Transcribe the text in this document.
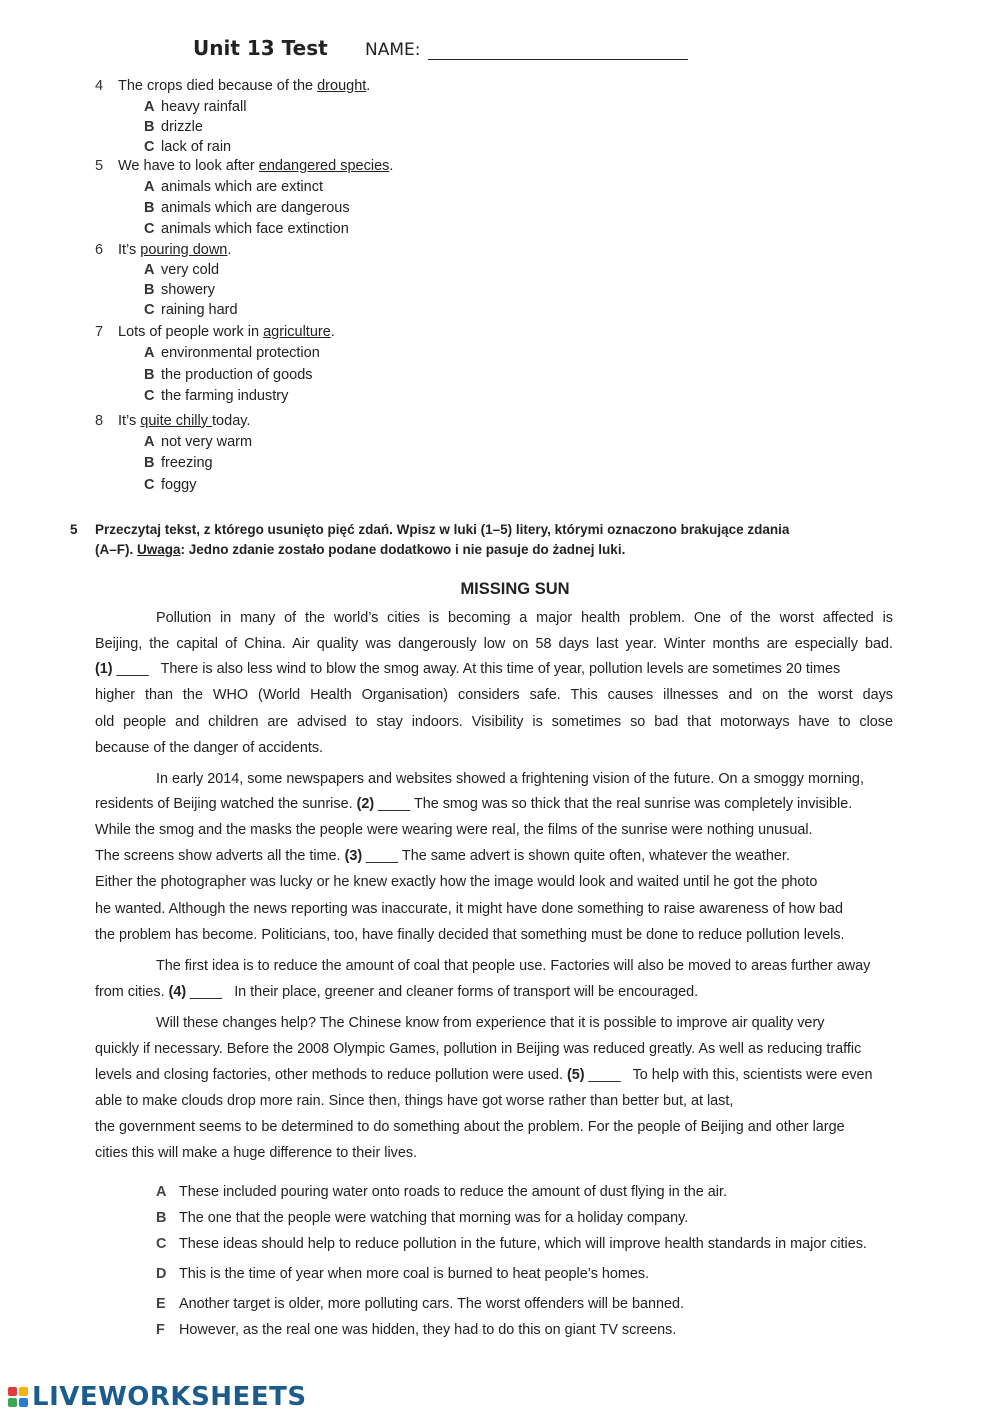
Unit 13 Test NAME:
4 The crops died because of the drought.
A heavy rainfall
B drizzle
C lack of rain
5 We have to look after endangered species.
A animals which are extinct
B animals which are dangerous
C animals which face extinction
6 It’s pouring down.
A very cold
B showery
C raining hard
7 Lots of people work in agriculture.
A environmental protection
B the production of goods
C the farming industry
8 It’s quite chilly today.
A not very warm
B freezing
C foggy
5 Przeczytaj tekst, z którego usunięto pięć zdań. Wpisz w luki (1–5) litery, którymi oznaczono brakujące zdania
(A–F). Uwaga: Jedno zdanie zostało podane dodatkowo i nie pasuje do żadnej luki.
MISSING SUN
Pollution in many of the world’s cities is becoming a major health problem. One of the worst affected is
Beijing, the capital of China. Air quality was dangerously low on 58 days last year. Winter months are especially bad.
(1) ____ There is also less wind to blow the smog away. At this time of year, pollution levels are sometimes 20 times
higher than the WHO (World Health Organisation) considers safe. This causes illnesses and on the worst days
old people and children are advised to stay indoors. Visibility is sometimes so bad that motorways have to close
because of the danger of accidents.
In early 2014, some newspapers and websites showed a frightening vision of the future. On a smoggy morning,
residents of Beijing watched the sunrise. (2) ____ The smog was so thick that the real sunrise was completely invisible.
While the smog and the masks the people were wearing were real, the films of the sunrise were nothing unusual.
The screens show adverts all the time. (3) ____ The same advert is shown quite often, whatever the weather.
Either the photographer was lucky or he knew exactly how the image would look and waited until he got the photo
he wanted. Although the news reporting was inaccurate, it might have done something to raise awareness of how bad
the problem has become. Politicians, too, have finally decided that something must be done to reduce pollution levels.
The first idea is to reduce the amount of coal that people use. Factories will also be moved to areas further away
from cities. (4) ____ In their place, greener and cleaner forms of transport will be encouraged.
Will these changes help? The Chinese know from experience that it is possible to improve air quality very
quickly if necessary. Before the 2008 Olympic Games, pollution in Beijing was reduced greatly. As well as reducing traffic
levels and closing factories, other methods to reduce pollution were used. (5) ____ To help with this, scientists were even
able to make clouds drop more rain. Since then, things have got worse rather than better but, at last,
the government seems to be determined to do something about the problem. For the people of Beijing and other large
cities this will make a huge difference to their lives.
A These included pouring water onto roads to reduce the amount of dust flying in the air.
B The one that the people were watching that morning was for a holiday company.
C These ideas should help to reduce pollution in the future, which will improve health standards in major cities.
D This is the time of year when more coal is burned to heat people’s homes.
E Another target is older, more polluting cars. The worst offenders will be banned.
F However, as the real one was hidden, they had to do this on giant TV screens.
LIVEWORKSHEETS
